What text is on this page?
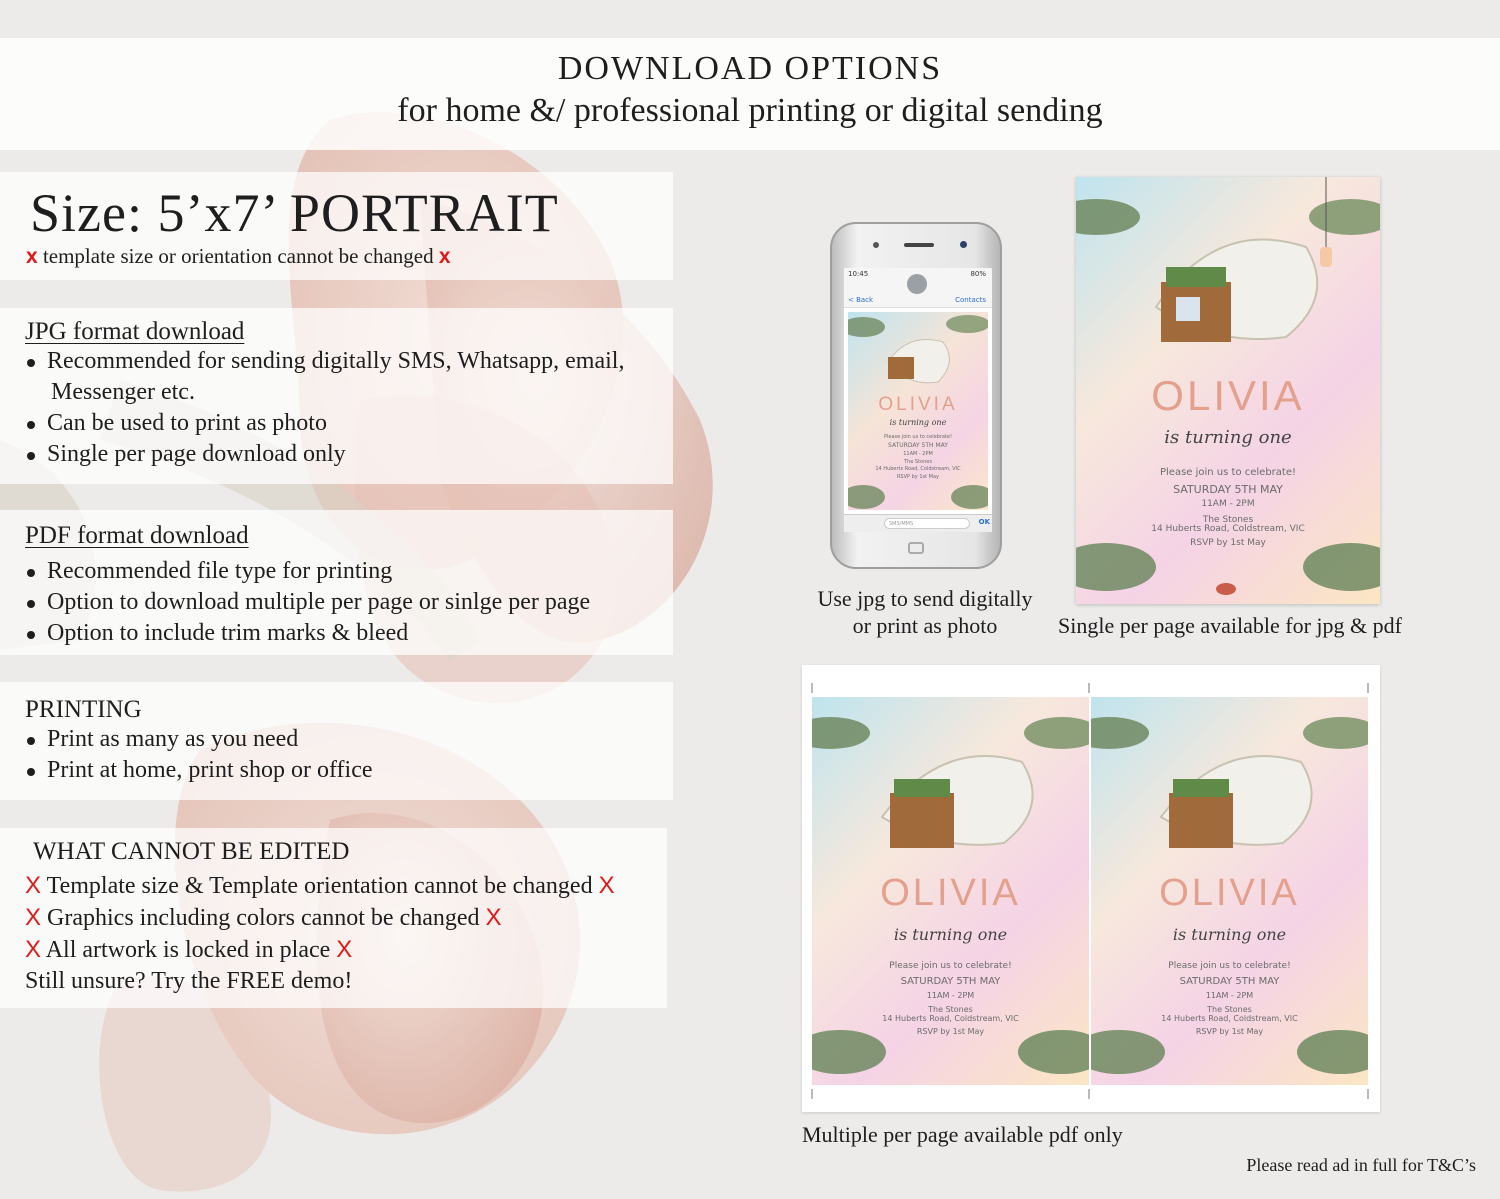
DOWNLOAD OPTIONS
for home &/ professional printing or digital sending
Size: 5’x7’ PORTRAIT
x template size or orientation cannot be changed x
JPG format download
Recommended for sending digitally SMS, Whatsapp, email,
Messenger etc.
Can be used to print as photo
Single per page download only
PDF format download
Recommended file type for printing
Option to download multiple per page or sinlge per page
Option to include trim marks & bleed
PRINTING
Print as many as you need
Print at home, print shop or office
WHAT CANNOT BE EDITED
X Template size & Template orientation cannot be changed X
X Graphics including colors cannot be changed X
X All artwork is locked in place X
Still unsure? Try the FREE demo!
10:45	80%
< Back	Contacts
OLIVIA
is turning one
Please join us to celebrate!
SATURDAY 5TH MAY
11AM - 2PM
The Stones
14 Huberts Road, Coldstream, VIC
RSVP by 1st May
SMS/MMS	OK
Use jpg to send digitally
or print as photo
OLIVIA
is turning one
Please join us to celebrate!
SATURDAY 5TH MAY
11AM - 2PM
The Stones
14 Huberts Road, Coldstream, VIC
RSVP by 1st May
Single per page available for jpg & pdf
OLIVIA
is turning one
Please join us to celebrate!
SATURDAY 5TH MAY
11AM - 2PM
The Stones
14 Huberts Road, Coldstream, VIC
RSVP by 1st May
OLIVIA
is turning one
Please join us to celebrate!
SATURDAY 5TH MAY
11AM - 2PM
The Stones
14 Huberts Road, Coldstream, VIC
RSVP by 1st May
Multiple per page available pdf only
Please read ad in full for T&C’s
